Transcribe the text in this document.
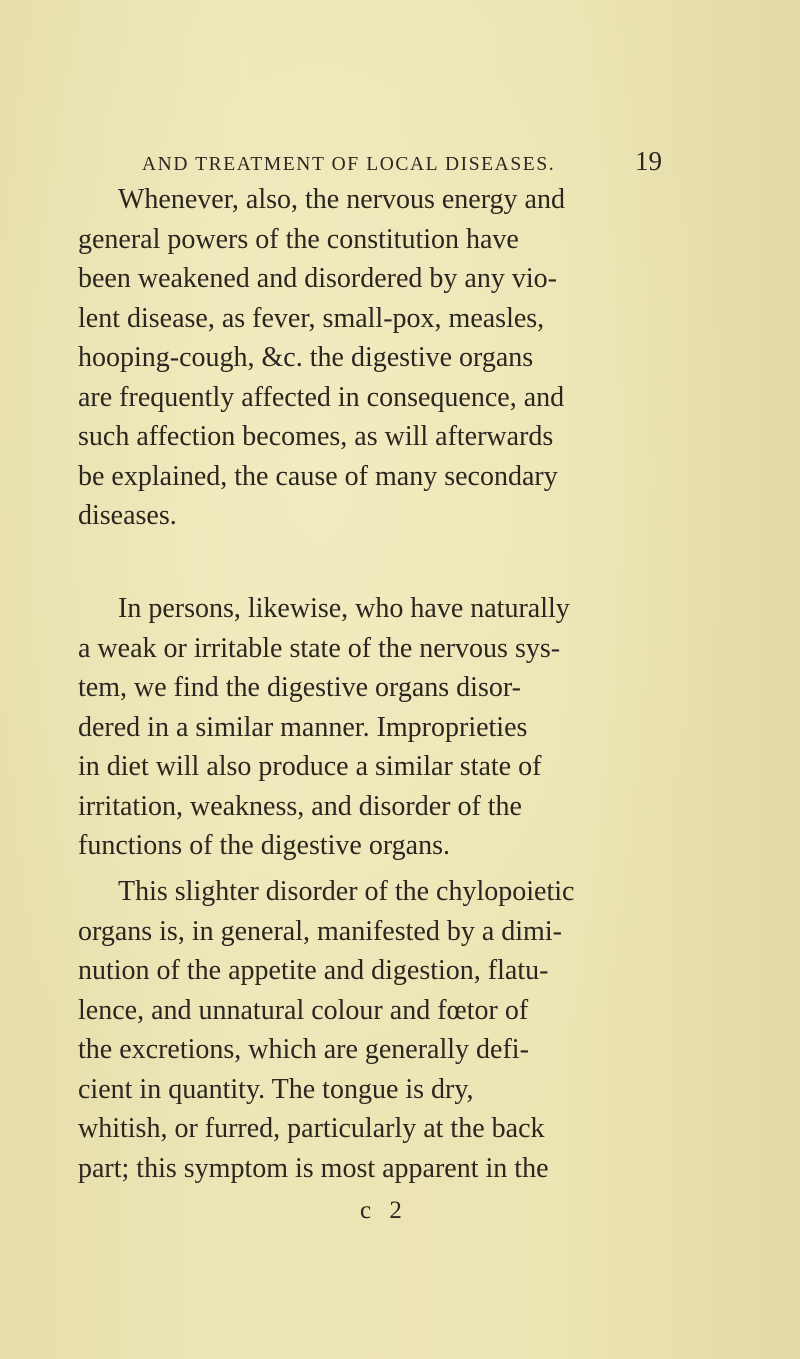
AND TREATMENT OF LOCAL DISEASES.	19

Whenever, also, the nervous energy and
general powers of the constitution have
been weakened and disordered by any vio-
lent disease, as fever, small-pox, measles,
hooping-cough, &c. the digestive organs
are frequently affected in consequence, and
such affection becomes, as will afterwards
be explained, the cause of many secondary
diseases.

In persons, likewise, who have naturally
a weak or irritable state of the nervous sys-
tem, we find the digestive organs disor-
dered in a similar manner. Improprieties
in diet will also produce a similar state of
irritation, weakness, and disorder of the
functions of the digestive organs.

This slighter disorder of the chylopoietic
organs is, in general, manifested by a dimi-
nution of the appetite and digestion, flatu-
lence, and unnatural colour and fœtor of
the excretions, which are generally defi-
cient in quantity. The tongue is dry,
whitish, or furred, particularly at the back
part; this symptom is most apparent in the

c 2
